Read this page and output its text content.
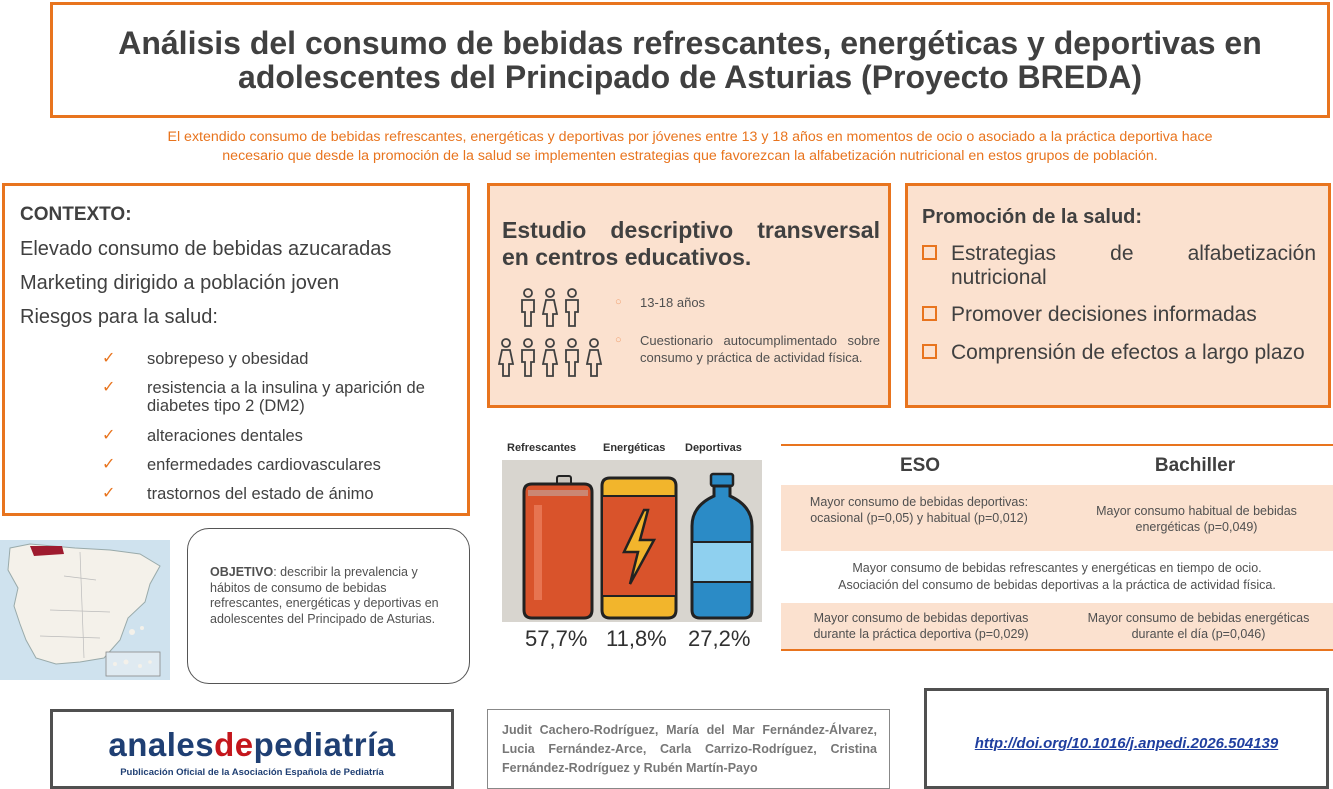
Análisis del consumo de bebidas refrescantes, energéticas y deportivas en
adolescentes del Principado de Asturias (Proyecto BREDA)
El extendido consumo de bebidas refrescantes, energéticas y deportivas por jóvenes entre 13 y 18 años en momentos de ocio o asociado a la práctica deportiva hace
necesario que desde la promoción de la salud se implementen estrategias que favorezcan la alfabetización nutricional en estos grupos de población.
CONTEXTO:
Elevado consumo de bebidas azucaradas
Marketing dirigido a población joven
Riesgos para la salud:
✓ sobrepeso y obesidad
✓ resistencia a la insulina y aparición de diabetes tipo 2 (DM2)
✓ alteraciones dentales
✓ enfermedades cardiovasculares
✓ trastornos del estado de ánimo
Estudio descriptivo transversal
en centros educativos.
○ 13-18 años
○ Cuestionario autocumplimentado sobre consumo y práctica de actividad física.
Promoción de la salud:
Estrategias de alfabetización nutricional
Promover decisiones informadas
Comprensión de efectos a largo plazo
Refrescantes Energéticas Deportivas
57,7% 11,8% 27,2%
ESO	Bachiller
Mayor consumo de bebidas deportivas: ocasional (p=0,05) y habitual (p=0,012)	Mayor consumo habitual de bebidas energéticas (p=0,049)
Mayor consumo de bebidas refrescantes y energéticas en tiempo de ocio.
Asociación del consumo de bebidas deportivas a la práctica de actividad física.
Mayor consumo de bebidas deportivas durante la práctica deportiva (p=0,029)
Mayor consumo de bebidas energéticas durante el día (p=0,046)
OBJETIVO: describir la prevalencia y hábitos de consumo de bebidas refrescantes, energéticas y deportivas en adolescentes del Principado de Asturias.
analesdepediatría
Publicación Oficial de la Asociación Española de Pediatría
Judit Cachero-Rodríguez, María del Mar Fernández-Álvarez, Lucia Fernández-Arce, Carla Carrizo-Rodríguez, Cristina Fernández-Rodríguez y Rubén Martín-Payo
http://doi.org/10.1016/j.anpedi.2026.504139
